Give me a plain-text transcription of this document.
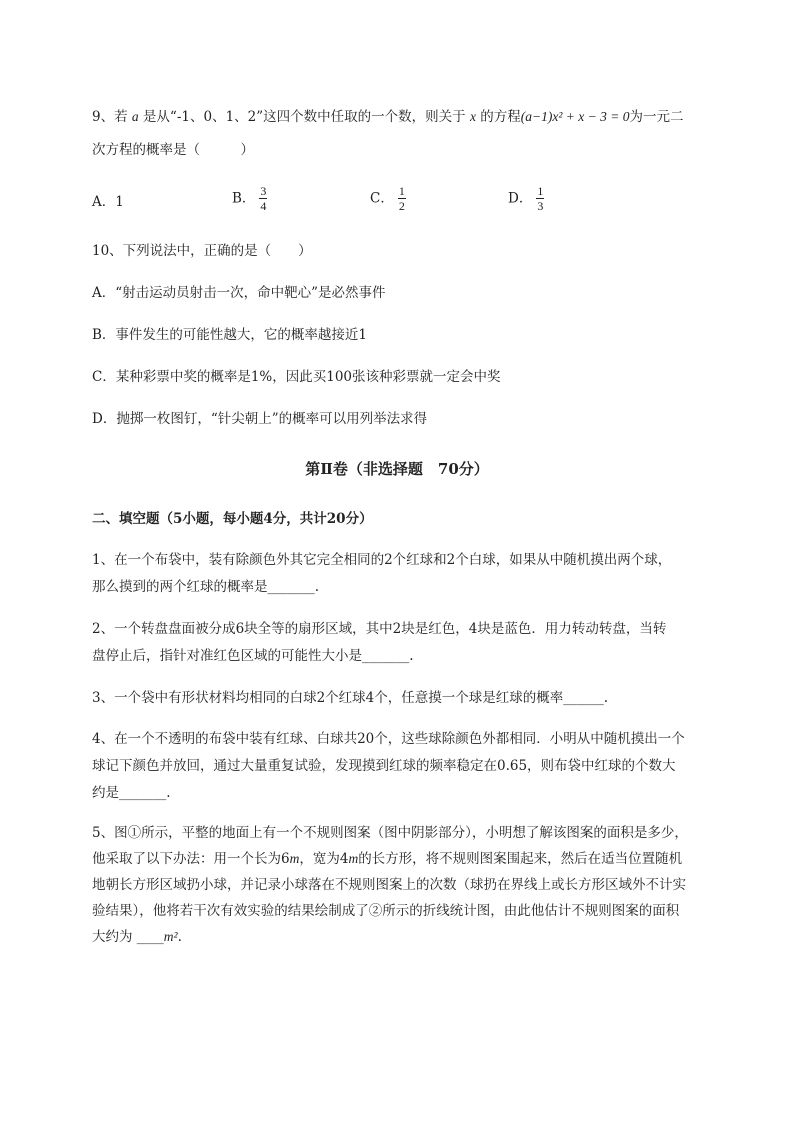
9、若 a 是从“-1、0、1、2”这四个数中任取的一个数，则关于 x 的方程(a−1)x² + x − 3 = 0为一元二
次方程的概率是（　　　）
A．1	B． $\frac{3}{4}$	C． $\frac{1}{2}$	D． $\frac{1}{3}$
10、下列说法中，正确的是（　　）
A．“射击运动员射击一次，命中靶心”是必然事件
B．事件发生的可能性越大，它的概率越接近1
C．某种彩票中奖的概率是1%，因此买100张该种彩票就一定会中奖
D．抛掷一枚图钉，“针尖朝上”的概率可以用列举法求得
第Ⅱ卷（非选择题　70分）
二、填空题（5小题，每小题4分，共计20分）
1、在一个布袋中，装有除颜色外其它完全相同的2个红球和2个白球，如果从中随机摸出两个球，
那么摸到的两个红球的概率是_______.
2、一个转盘盘面被分成6块全等的扇形区域，其中2块是红色，4块是蓝色．用力转动转盘，当转
盘停止后，指针对准红色区域的可能性大小是_______.
3、一个袋中有形状材料均相同的白球2个红球4个，任意摸一个球是红球的概率______.
4、在一个不透明的布袋中装有红球、白球共20个，这些球除颜色外都相同．小明从中随机摸出一个
球记下颜色并放回，通过大量重复试验，发现摸到红球的频率稳定在0.65，则布袋中红球的个数大
约是_______.
5、图①所示，平整的地面上有一个不规则图案（图中阴影部分），小明想了解该图案的面积是多少，
他采取了以下办法：用一个长为6m，宽为4m的长方形，将不规则图案围起来，然后在适当位置随机
地朝长方形区域扔小球，并记录小球落在不规则图案上的次数（球扔在界线上或长方形区域外不计实
验结果），他将若干次有效实验的结果绘制成了②所示的折线统计图，由此他估计不规则图案的面积
大约为 ____m².
